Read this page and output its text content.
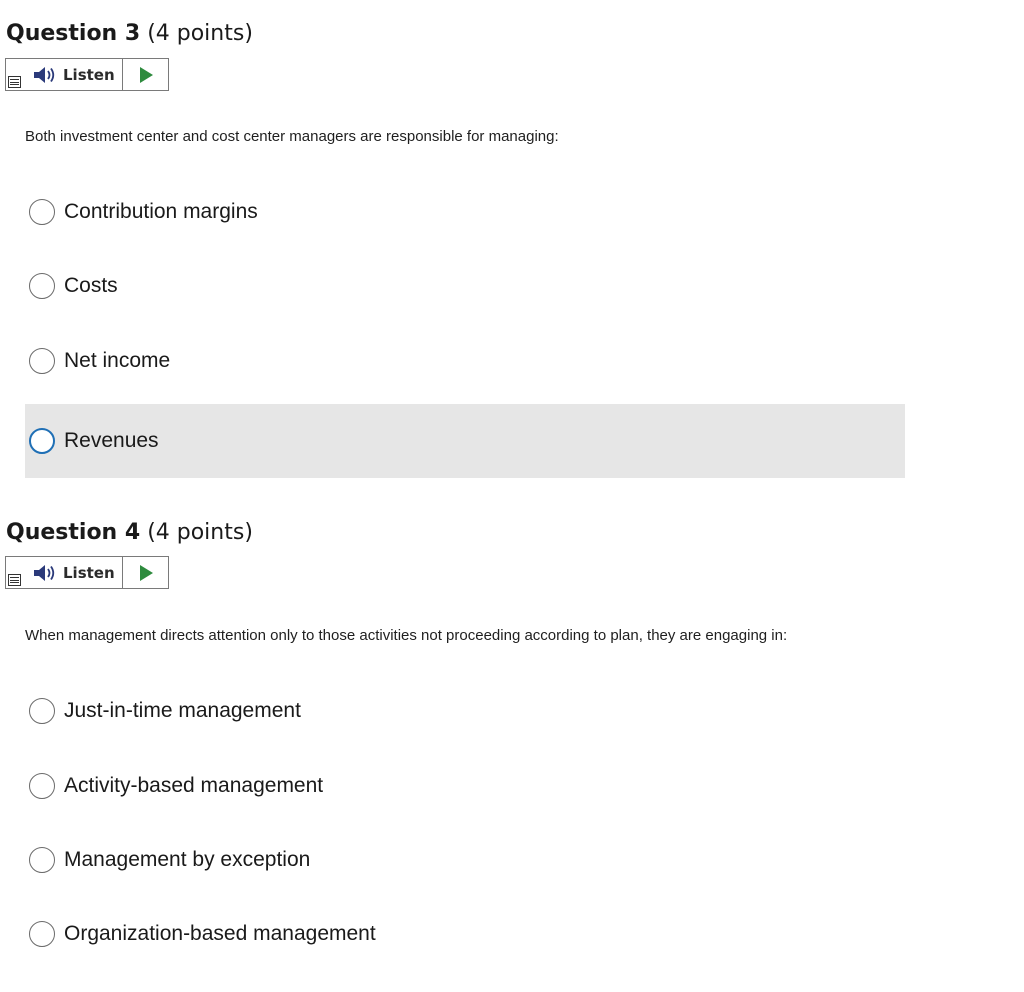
Question 3 (4 points)
Listen
Both investment center and cost center managers are responsible for managing:
Contribution margins
Costs
Net income
Revenues
Question 4 (4 points)
Listen
When management directs attention only to those activities not proceeding according to plan, they are engaging in:
Just-in-time management
Activity-based management
Management by exception
Organization-based management
